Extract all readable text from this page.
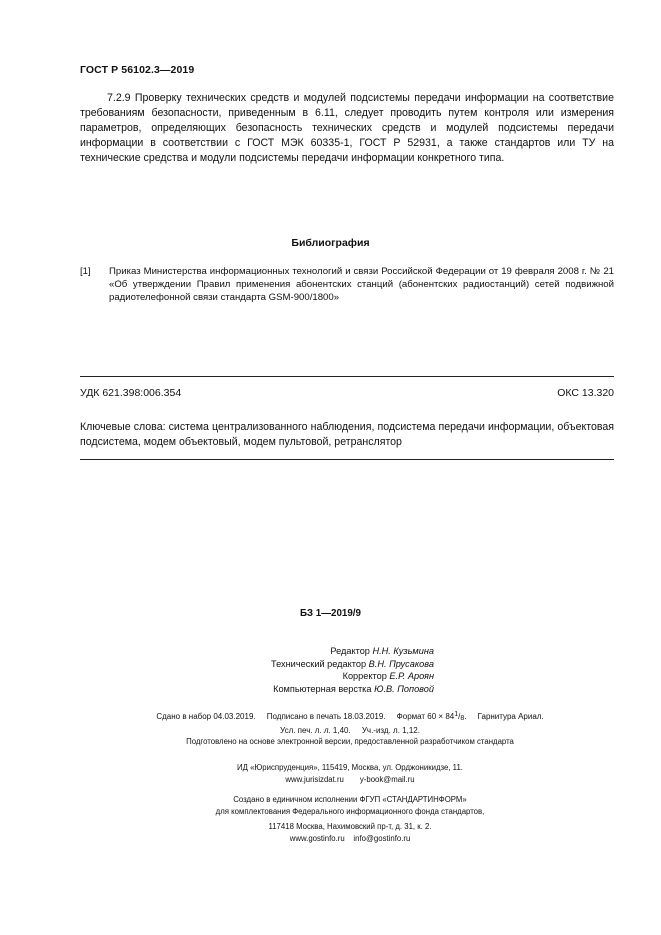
ГОСТ Р 56102.3—2019

7.2.9 Проверку технических средств и модулей подсистемы передачи информации на соответствие требованиям безопасности, приведенным в 6.11, следует проводить путем контроля или измерения параметров, определяющих безопасность технических средств и модулей подсистемы передачи информации в соответствии с ГОСТ МЭК 60335-1, ГОСТ Р 52931, а также стандартов или ТУ на технические средства и модули подсистемы передачи информации конкретного типа.

Библиография
[1] Приказ Министерства информационных технологий и связи Российской Федерации от 19 февраля 2008 г. № 21 «Об утверждении Правил применения абонентских станций (абонентских радиостанций) сетей подвижной радиотелефонной связи стандарта GSM-900/1800»
УДК 621.398:006.354	ОКС 13.320
Ключевые слова: система централизованного наблюдения, подсистема передачи информации, объектовая подсистема, модем объектовый, модем пультовой, ретранслятор
БЗ 1—2019/9
Редактор Н.Н. Кузьмина
Технический редактор В.Н. Прусакова
Корректор Е.Р. Ароян
Компьютерная верстка Ю.В. Поповой
Сдано в набор 04.03.2019. Подписано в печать 18.03.2019. Формат $60 \times 84^1/_8$.     Гарнитура Ариал.
Усл. печ. л. л. 1,40. Уч.-изд. л. 1,12.
Подготовлено на основе электронной версии, предоставленной разработчиком стандарта
ИД «Юриспруденция», 115419, Москва, ул. Орджоникидзе, 11.
www.jurisizdat.ru y-book@mail.ru
Создано в единичном исполнении ФГУП «СТАНДАРТИНФОРМ»
для комплектования Федерального информационного фонда стандартов,
117418 Москва, Нахимовский пр-т, д. 31, к. 2.
www.gostinfo.ru info@gostinfo.ru
